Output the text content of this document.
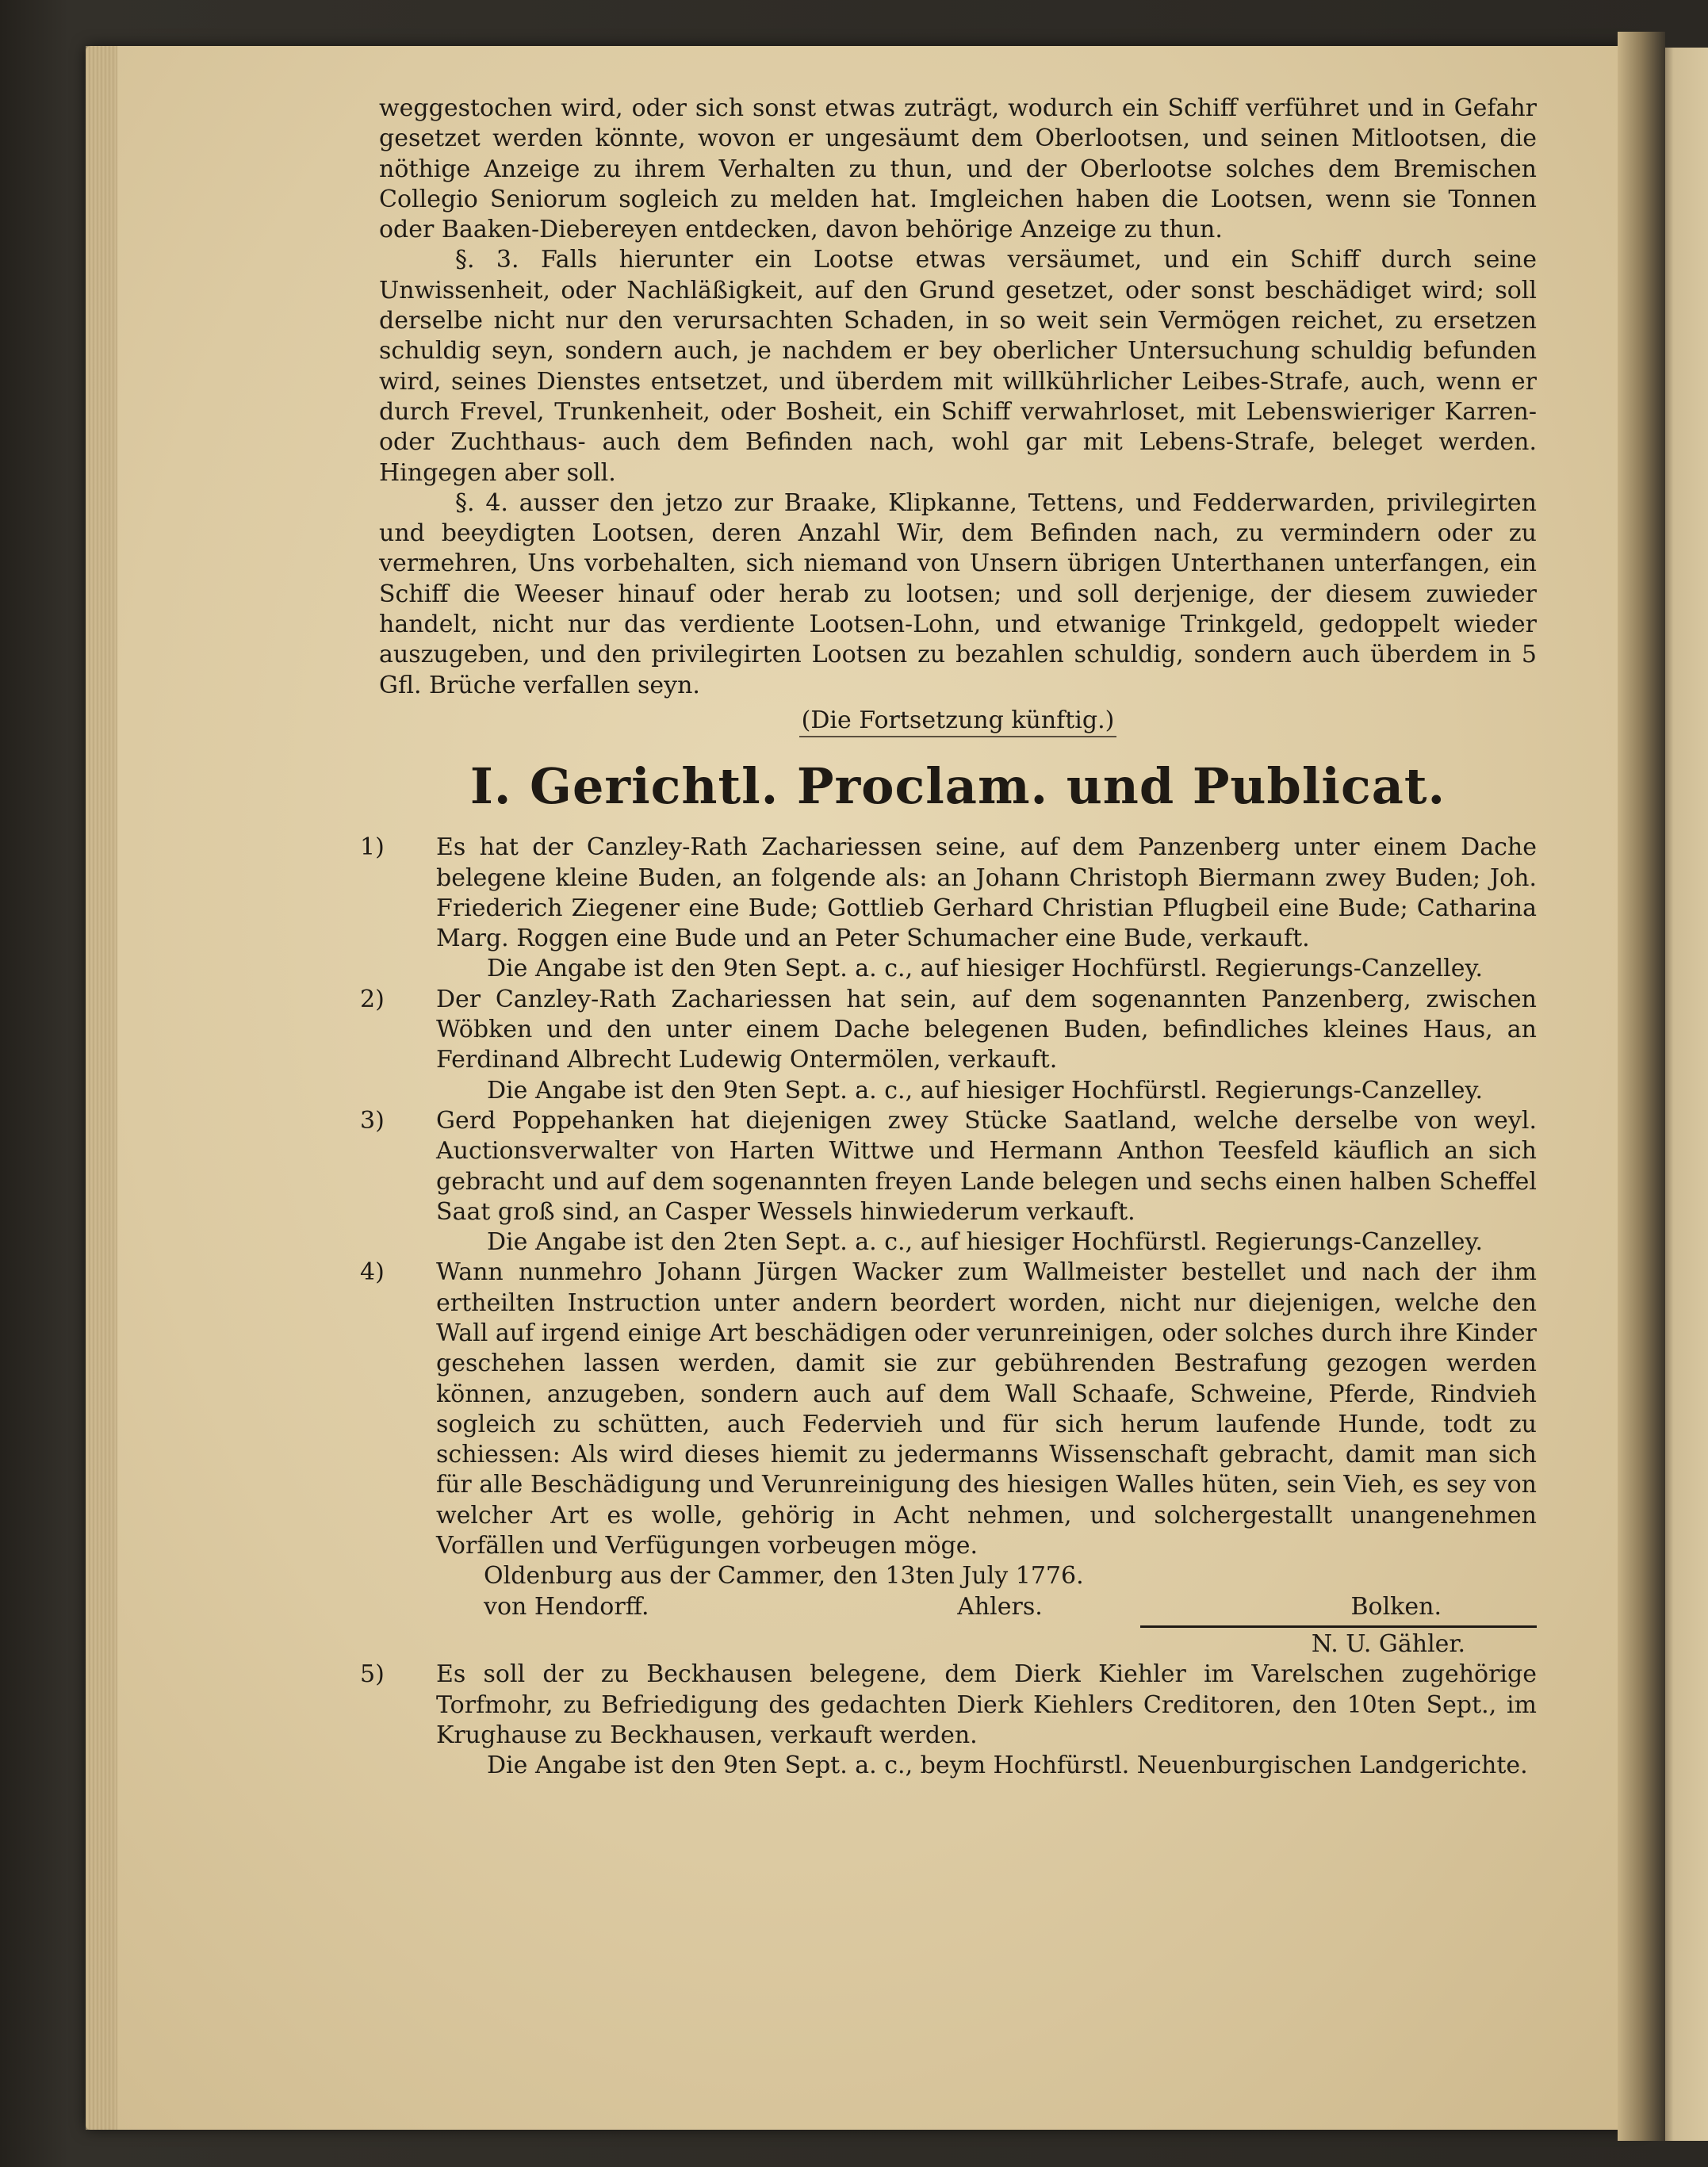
weggestochen wird, oder sich sonst etwas zuträgt, wodurch ein Schiff verführet und in Gefahr gesetzet werden könnte, wovon er ungesäumt dem Oberlootsen, und seinen Mitlootsen, die nöthige Anzeige zu ihrem Verhalten zu thun, und der Oberlootse solches dem Bremischen Collegio Seniorum sogleich zu melden hat. Imgleichen haben die Lootsen, wenn sie Tonnen oder Baaken-Diebereyen entdecken, davon behörige Anzeige zu thun.

§. 3. Falls hierunter ein Lootse etwas versäumet, und ein Schiff durch seine Unwissenheit, oder Nachläßigkeit, auf den Grund gesetzet, oder sonst beschädiget wird; soll derselbe nicht nur den verursachten Schaden, in so weit sein Vermögen reichet, zu ersetzen schuldig seyn, sondern auch, je nachdem er bey oberlicher Untersuchung schuldig befunden wird, seines Dienstes entsetzet, und überdem mit willkührlicher Leibes-Strafe, auch, wenn er durch Frevel, Trunkenheit, oder Bosheit, ein Schiff verwahrloset, mit Lebenswieriger Karren- oder Zuchthaus- auch dem Befinden nach, wohl gar mit Lebens-Strafe, beleget werden. Hingegen aber soll.

§. 4. ausser den jetzo zur Braake, Klipkanne, Tettens, und Fedderwarden, privilegirten und beeydigten Lootsen, deren Anzahl Wir, dem Befinden nach, zu vermindern oder zu vermehren, Uns vorbehalten, sich niemand von Unsern übrigen Unterthanen unterfangen, ein Schiff die Weeser hinauf oder herab zu lootsen; und soll derjenige, der diesem zuwieder handelt, nicht nur das verdiente Lootsen-Lohn, und etwanige Trinkgeld, gedoppelt wieder auszugeben, und den privilegirten Lootsen zu bezahlen schuldig, sondern auch überdem in 5 Gfl. Brüche verfallen seyn.

(Die Fortsetzung künftig.)

I. Gerichtl. Proclam. und Publicat.

1)	Es hat der Canzley-Rath Zachariessen seine, auf dem Panzenberg unter einem Dache belegene kleine Buden, an folgende als: an Johann Christoph Biermann zwey Buden; Joh. Friederich Ziegener eine Bude; Gottlieb Gerhard Christian Pflugbeil eine Bude; Catharina Marg. Roggen eine Bude und an Peter Schumacher eine Bude, verkauft.

Die Angabe ist den 9ten Sept. a. c., auf hiesiger Hochfürstl. Regierungs-Canzelley.

2)	Der Canzley-Rath Zachariessen hat sein, auf dem sogenannten Panzenberg, zwischen Wöbken und den unter einem Dache belegenen Buden, befindliches kleines Haus, an Ferdinand Albrecht Ludewig Ontermölen, verkauft.

Die Angabe ist den 9ten Sept. a. c., auf hiesiger Hochfürstl. Regierungs-Canzelley.

3)	Gerd Poppehanken hat diejenigen zwey Stücke Saatland, welche derselbe von weyl. Auctionsverwalter von Harten Wittwe und Hermann Anthon Teesfeld käuflich an sich gebracht und auf dem sogenannten freyen Lande belegen und sechs einen halben Scheffel Saat groß sind, an Casper Wessels hinwiederum verkauft.

Die Angabe ist den 2ten Sept. a. c., auf hiesiger Hochfürstl. Regierungs-Canzelley.

4)	Wann nunmehro Johann Jürgen Wacker zum Wallmeister bestellet und nach der ihm ertheilten Instruction unter andern beordert worden, nicht nur diejenigen, welche den Wall auf irgend einige Art beschädigen oder verunreinigen, oder solches durch ihre Kinder geschehen lassen werden, damit sie zur gebührenden Bestrafung gezogen werden können, anzugeben, sondern auch auf dem Wall Schaafe, Schweine, Pferde, Rindvieh sogleich zu schütten, auch Federvieh und für sich herum laufende Hunde, todt zu schiessen: Als wird dieses hiemit zu jedermanns Wissenschaft gebracht, damit man sich für alle Beschädigung und Verunreinigung des hiesigen Walles hüten, sein Vieh, es sey von welcher Art es wolle, gehörig in Acht nehmen, und solchergestallt unangenehmen Vorfällen und Verfügungen vorbeugen möge.

Oldenburg aus der Cammer, den 13ten July 1776.

von Hendorff.	Ahlers.	Bolken.

N. U. Gähler.

5)	Es soll der zu Beckhausen belegene, dem Dierk Kiehler im Varelschen zugehörige Torfmohr, zu Befriedigung des gedachten Dierk Kiehlers Creditoren, den 10ten Sept., im Krughause zu Beckhausen, verkauft werden.

Die Angabe ist den 9ten Sept. a. c., beym Hochfürstl. Neuenburgischen Landgerichte.
